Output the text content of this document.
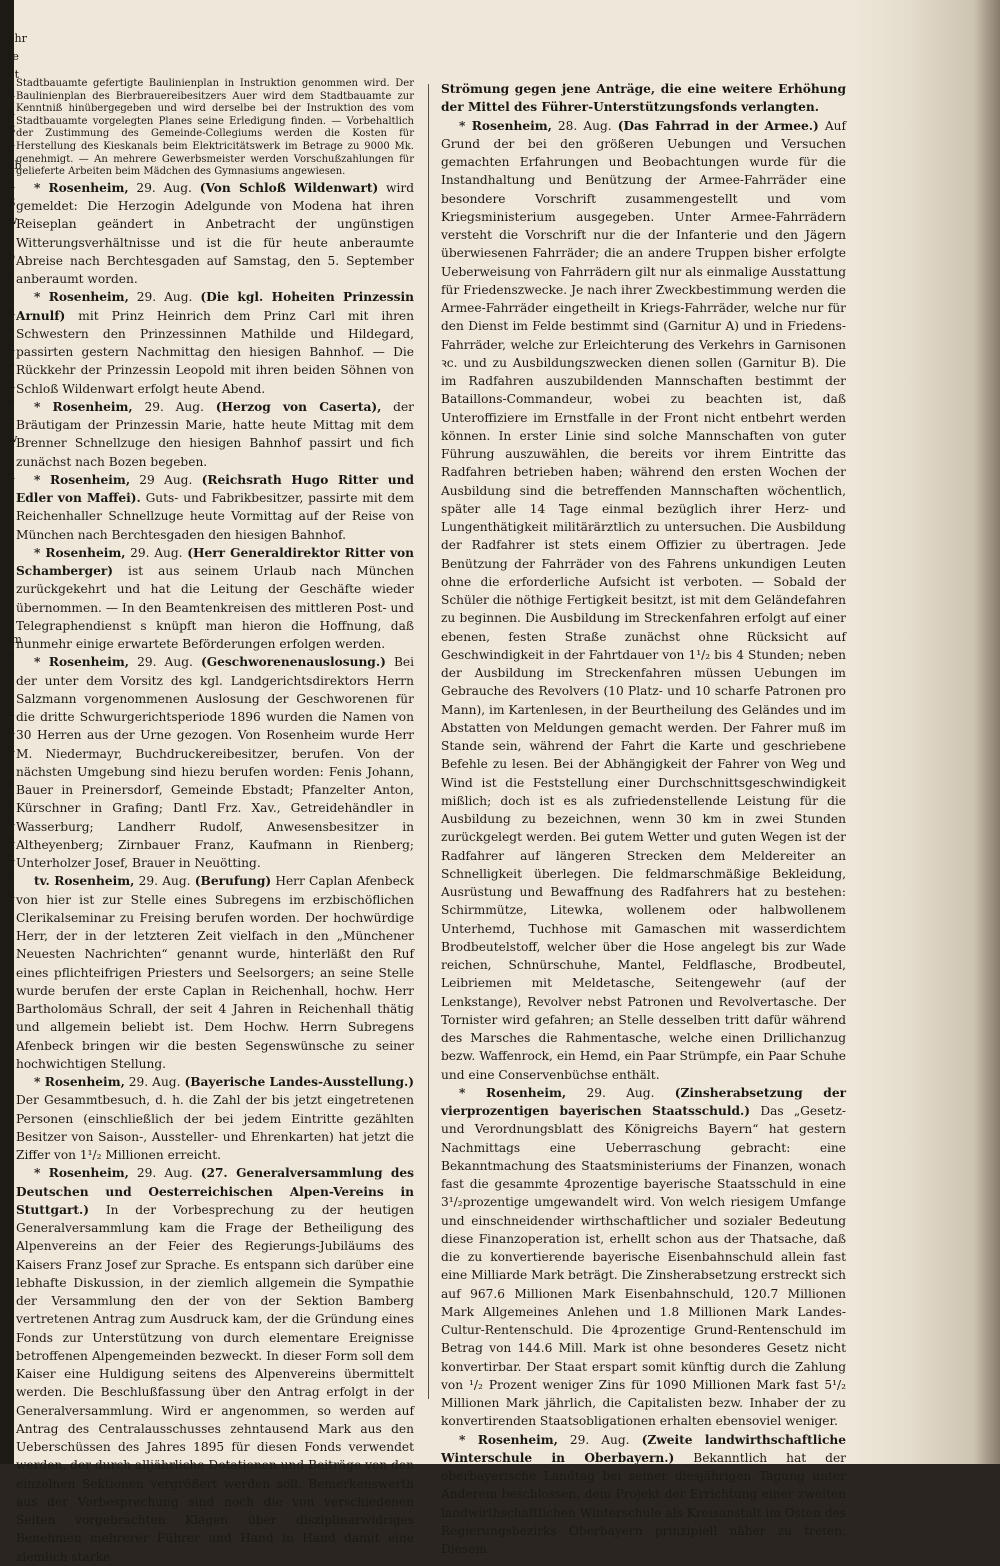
Stadtbauamte gefertigte Baulinienplan in Instruktion genommen wird. Der Baulinienplan des Bierbrauereibesitzers Auer wird dem Stadtbauamte zur Kenntniß hinübergegeben und wird derselbe bei der Instruktion des vom Stadtbauamte vorgelegten Planes seine Erledigung finden. — Vorbehaltlich der Zustimmung des Gemeinde-Collegiums werden die Kosten für Herstellung des Kieskanals beim Elektricitätswerk im Betrage zu 9000 Mk. genehmigt. — An mehrere Gewerbsmeister werden Vorschußzahlungen für gelieferte Arbeiten beim Mädchen des Gymnasiums angewiesen.

* Rosenheim, 29. Aug. (Von Schloß Wildenwart) wird gemeldet: Die Herzogin Adelgunde von Modena hat ihren Reiseplan geändert in Anbetracht der ungünstigen Witterungsverhältnisse und ist die für heute anberaumte Abreise nach Berchtesgaden auf Samstag, den 5. September anberaumt worden.

* Rosenheim, 29. Aug. (Die kgl. Hoheiten Prinzessin Arnulf) mit Prinz Heinrich dem Prinz Carl mit ihren Schwestern den Prinzessinnen Mathilde und Hildegard, passirten gestern Nachmittag den hiesigen Bahnhof. — Die Rückkehr der Prinzessin Leopold mit ihren beiden Söhnen von Schloß Wildenwart erfolgt heute Abend.

* Rosenheim, 29. Aug. (Herzog von Caserta), der Bräutigam der Prinzessin Marie, hatte heute Mittag mit dem Brenner Schnellzuge den hiesigen Bahnhof passirt und fich zunächst nach Bozen begeben.

* Rosenheim, 29 Aug. (Reichsrath Hugo Ritter und Edler von Maffei). Guts- und Fabrikbesitzer, passirte mit dem Reichenhaller Schnellzuge heute Vormittag auf der Reise von München nach Berchtesgaden den hiesigen Bahnhof.

* Rosenheim, 29. Aug. (Herr Generaldirektor Ritter von Schamberger) ist aus seinem Urlaub nach München zurückgekehrt und hat die Leitung der Geschäfte wieder übernommen. — In den Beamtenkreisen des mittleren Post- und Telegraphendienst s knüpft man hieron die Hoffnung, daß nunmehr einige erwartete Beförderungen erfolgen werden.

* Rosenheim, 29. Aug. (Geschworenenauslosung.) Bei der unter dem Vorsitz des kgl. Landgerichtsdirektors Herrn Salzmann vorgenommenen Auslosung der Geschworenen für die dritte Schwurgerichtsperiode 1896 wurden die Namen von 30 Herren aus der Urne gezogen. Von Rosenheim wurde Herr M. Niedermayr, Buchdruckereibesitzer, berufen. Von der nächsten Umgebung sind hiezu berufen worden: Fenis Johann, Bauer in Preinersdorf, Gemeinde Ebstadt; Pfanzelter Anton, Kürschner in Grafing; Dantl Frz. Xav., Getreidehändler in Wasserburg; Landherr Rudolf, Anwesensbesitzer in Altheyenberg; Zirnbauer Franz, Kaufmann in Rienberg; Unterholzer Josef, Brauer in Neuötting.

tv. Rosenheim, 29. Aug. (Berufung) Herr Caplan Afenbeck von hier ist zur Stelle eines Subregens im erzbischöflichen Clerikalseminar zu Freising berufen worden. Der hochwürdige Herr, der in der letzteren Zeit vielfach in den „Münchener Neuesten Nachrichten“ genannt wurde, hinterläßt den Ruf eines pflichteifrigen Priesters und Seelsorgers; an seine Stelle wurde berufen der erste Caplan in Reichenhall, hochw. Herr Bartholomäus Schrall, der seit 4 Jahren in Reichenhall thätig und allgemein beliebt ist. Dem Hochw. Herrn Subregens Afenbeck bringen wir die besten Segenswünsche zu seiner hochwichtigen Stellung.

* Rosenheim, 29. Aug. (Bayerische Landes-Ausstellung.) Der Gesammtbesuch, d. h. die Zahl der bis jetzt eingetretenen Personen (einschließlich der bei jedem Eintritte gezählten Besitzer von Saison-, Aussteller- und Ehrenkarten) hat jetzt die Ziffer von 1¹/₂ Millionen erreicht.

* Rosenheim, 29. Aug. (27. Generalversammlung des Deutschen und Oesterreichischen Alpen-Vereins in Stuttgart.) In der Vorbesprechung zu der heutigen Generalversammlung kam die Frage der Betheiligung des Alpenvereins an der Feier des Regierungs-Jubiläums des Kaisers Franz Josef zur Sprache. Es entspann sich darüber eine lebhafte Diskussion, in der ziemlich allgemein die Sympathie der Versammlung den der von der Sektion Bamberg vertretenen Antrag zum Ausdruck kam, der die Gründung eines Fonds zur Unterstützung von durch elementare Ereignisse betroffenen Alpengemeinden bezweckt. In dieser Form soll dem Kaiser eine Huldigung seitens des Alpenvereins übermittelt werden. Die Beschlußfassung über den Antrag erfolgt in der Generalversammlung. Wird er angenommen, so werden auf Antrag des Centralausschusses zehntausend Mark aus den Ueberschüssen des Jahres 1895 für diesen Fonds verwendet werden, der durch alljährliche Dotationen und Beiträge von den einzelnen Sektionen vergrößert werden soll. Bemerkenswerth aus der Vorbesprechung sind noch die von verschiedenen Seiten vorgebrachten Klagen über disziplinarwidriges Benehmen mehrerer Führer und Hand in Hand damit eine ziemlich starke

Strömung gegen jene Anträge, die eine weitere Erhöhung der Mittel des Führer-Unterstützungsfonds verlangten.

* Rosenheim, 28. Aug. (Das Fahrrad in der Armee.) Auf Grund der bei den größeren Uebungen und Versuchen gemachten Erfahrungen und Beobachtungen wurde für die Instandhaltung und Benützung der Armee-Fahrräder eine besondere Vorschrift zusammengestellt und vom Kriegsministerium ausgegeben. Unter Armee-Fahrrädern versteht die Vorschrift nur die der Infanterie und den Jägern überwiesenen Fahrräder; die an andere Truppen bisher erfolgte Ueberweisung von Fahrrädern gilt nur als einmalige Ausstattung für Friedenszwecke. Je nach ihrer Zweckbestimmung werden die Armee-Fahrräder eingetheilt in Kriegs-Fahrräder, welche nur für den Dienst im Felde bestimmt sind (Garnitur A) und in Friedens-Fahrräder, welche zur Erleichterung des Verkehrs in Garnisonen ꝛc. und zu Ausbildungszwecken dienen sollen (Garnitur B). Die im Radfahren auszubildenden Mannschaften bestimmt der Bataillons-Commandeur, wobei zu beachten ist, daß Unteroffiziere im Ernstfalle in der Front nicht entbehrt werden können. In erster Linie sind solche Mannschaften von guter Führung auszuwählen, die bereits vor ihrem Eintritte das Radfahren betrieben haben; während den ersten Wochen der Ausbildung sind die betreffenden Mannschaften wöchentlich, später alle 14 Tage einmal bezüglich ihrer Herz- und Lungenthätigkeit militärärztlich zu untersuchen. Die Ausbildung der Radfahrer ist stets einem Offizier zu übertragen. Jede Benützung der Fahrräder von des Fahrens unkundigen Leuten ohne die erforderliche Aufsicht ist verboten. — Sobald der Schüler die nöthige Fertigkeit besitzt, ist mit dem Geländefahren zu beginnen. Die Ausbildung im Streckenfahren erfolgt auf einer ebenen, festen Straße zunächst ohne Rücksicht auf Geschwindigkeit in der Fahrtdauer von 1¹/₂ bis 4 Stunden; neben der Ausbildung im Streckenfahren müssen Uebungen im Gebrauche des Revolvers (10 Platz- und 10 scharfe Patronen pro Mann), im Kartenlesen, in der Beurtheilung des Geländes und im Abstatten von Meldungen gemacht werden. Der Fahrer muß im Stande sein, während der Fahrt die Karte und geschriebene Befehle zu lesen. Bei der Abhängigkeit der Fahrer von Weg und Wind ist die Feststellung einer Durchschnittsgeschwindigkeit mißlich; doch ist es als zufriedenstellende Leistung für die Ausbildung zu bezeichnen, wenn 30 km in zwei Stunden zurückgelegt werden. Bei gutem Wetter und guten Wegen ist der Radfahrer auf längeren Strecken dem Meldereiter an Schnelligkeit überlegen. Die feldmarschmäßige Bekleidung, Ausrüstung und Bewaffnung des Radfahrers hat zu bestehen: Schirmmütze, Litewka, wollenem oder halbwollenem Unterhemd, Tuchhose mit Gamaschen mit wasserdichtem Brodbeutelstoff, welcher über die Hose angelegt bis zur Wade reichen, Schnürschuhe, Mantel, Feldflasche, Brodbeutel, Leibriemen mit Meldetasche, Seitengewehr (auf der Lenkstange), Revolver nebst Patronen und Revolvertasche. Der Tornister wird gefahren; an Stelle desselben tritt dafür während des Marsches die Rahmentasche, welche einen Drillichanzug bezw. Waffenrock, ein Hemd, ein Paar Strümpfe, ein Paar Schuhe und eine Conservenbüchse enthält.

* Rosenheim, 29. Aug. (Zinsherabsetzung der vierprozentigen bayerischen Staatsschuld.) Das „Gesetz- und Verordnungsblatt des Königreichs Bayern“ hat gestern Nachmittags eine Ueberraschung gebracht: eine Bekanntmachung des Staatsministeriums der Finanzen, wonach fast die gesammte 4prozentige bayerische Staatsschuld in eine 3¹/₂prozentige umgewandelt wird. Von welch riesigem Umfange und einschneidender wirthschaftlicher und sozialer Bedeutung diese Finanzoperation ist, erhellt schon aus der Thatsache, daß die zu konvertierende bayerische Eisenbahnschuld allein fast eine Milliarde Mark beträgt. Die Zinsherabsetzung erstreckt sich auf 967.6 Millionen Mark Eisenbahnschuld, 120.7 Millionen Mark Allgemeines Anlehen und 1.8 Millionen Mark Landes-Cultur-Rentenschuld. Die 4prozentige Grund-Rentenschuld im Betrag von 144.6 Mill. Mark ist ohne besonderes Gesetz nicht konvertirbar. Der Staat erspart somit künftig durch die Zahlung von ¹/₂ Prozent weniger Zins für 1090 Millionen Mark fast 5¹/₂ Millionen Mark jährlich, die Capitalisten bezw. Inhaber der zu konvertirenden Staatsobligationen erhalten ebensoviel weniger.

* Rosenheim, 29. Aug. (Zweite landwirthschaftliche Winterschule in Oberbayern.) Bekanntlich hat der oberbayerische Landtag bei seiner diesjährigen Tagung unter Anderem beschlossen, dem Projekt der Errichtung einer zweiten landwirthschaftlichen Winterschule als Kreisanstalt im Osten des Regierungsbezirks Oberbayern prinzipiell näher zu treten. Diesem

ehr
te
ot
d
u
S
g
ab
n
S
w
l
b
e
r
n
e
d
v
h
e
r
w
l
n

im
f
t
r
a
d
n
t
e
e
d
d
n
s
d
